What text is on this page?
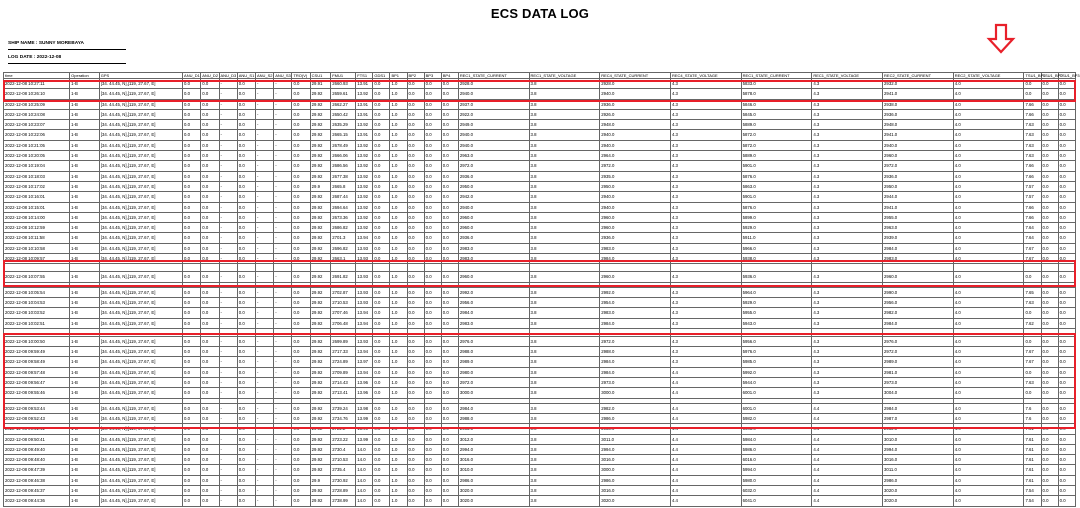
ECS DATA LOG
SHIP NAME : SUNNY MOREBAYA
LOG DATE : 2022-12-08
time	Operation	GPS	ANU_D1	ANU_D2	ANU_D3	ANU_S1	ANU_S2	ANU_S3	TRO(V)	CSU1	FMU1	FTS1	GDS1	BP1	BP2	BP3	BP4	REC1_STATE_CURRENT	REC1_STATE_VOLTAGE	REC4_STATE_CURRENT	REC4_STATE_VOLTAGE	REC1_STATE_CURRENT	REC1_STATE_VOLTAGE	REC2_STATE_CURRENT	REC2_STATE_VOLTAGE	TSU1_BP1	TSU1_BP2	TSU1_BP3
2022-12-08 10:27:11	1-B	[34. 44.45, N],[119, 27.67, E]	0.0	0.0	-	0.0	-	-	0.0	29.91	2660.93	13.91	0.0	1.0	0.0	0.0	0.0	2928.0	3.8	2928.0	4.3	5833.0	4.3	2932.0	4.0	0.0	0.0	0.0
2022-12-08 10:26:10	1-B	[34. 44.45, N],[119, 27.67, E]	0.0	0.0	-	0.0	-	-	0.0	29.92	2659.61	13.92	0.0	1.0	0.0	0.0	0.0	2940.0	3.8	2940.0	4.3	5878.0	4.3	2941.0	4.0	0.0	0.0	0.0
2022-12-08 10:25:09	1-B	[34. 44.45, N],[119, 27.67, E]	0.0	0.0	-	0.0	-	-	0.0	29.92	2662.27	13.91	0.0	1.0	0.0	0.0	0.0	2937.0	3.8	2936.0	4.3	5846.0	4.3	2938.0	4.0	7.66	0.0	0.0
2022-12-08 10:24:08	1-B	[34. 44.45, N],[119, 27.67, E]	0.0	0.0	-	0.0	-	-	0.0	29.92	2650.42	13.91	0.0	1.0	0.0	0.0	0.0	2922.0	3.8	2926.0	4.3	5845.0	4.3	2936.0	4.0	7.66	0.0	0.0
2022-12-08 10:23:07	1-B	[34. 44.45, N],[119, 27.67, E]	0.0	0.0	-	0.0	-	-	0.0	29.92	2635.29	13.92	0.0	1.0	0.0	0.0	0.0	2949.0	3.8	2948.0	4.3	5889.0	4.3	2948.0	4.0	7.63	0.0	0.0
2022-12-08 10:22:06	1-B	[34. 44.45, N],[119, 27.67, E]	0.0	0.0	-	0.0	-	-	0.0	29.92	2665.15	13.91	0.0	1.0	0.0	0.0	0.0	2940.0	3.8	2940.0	4.3	5872.0	4.3	2941.0	4.0	7.63	0.0	0.0
2022-12-08 10:21:05	1-B	[34. 44.45, N],[119, 27.67, E]	0.0	0.0	-	0.0	-	-	0.0	29.92	2678.49	13.92	0.0	1.0	0.0	0.0	0.0	2940.0	3.8	2940.0	4.3	5872.0	4.3	2940.0	4.0	7.63	0.0	0.0
2022-12-08 10:20:05	1-B	[34. 44.45, N],[119, 27.67, E]	0.0	0.0	-	0.0	-	-	0.0	29.92	2666.06	13.92	0.0	1.0	0.0	0.0	0.0	2963.0	3.8	2964.0	4.3	5889.0	4.3	2960.0	4.0	7.63	0.0	0.0
2022-12-08 10:19:04	1-B	[34. 44.45, N],[119, 27.67, E]	0.0	0.0	-	0.0	-	-	0.0	29.92	2686.56	13.92	0.0	1.0	0.0	0.0	0.0	2972.0	3.8	2972.0	4.3	5901.0	4.3	2972.0	4.0	7.66	0.0	0.0
2022-12-08 10:18:03	1-B	[34. 44.45, N],[119, 27.67, E]	0.0	0.0	-	0.0	-	-	0.0	29.92	2677.38	13.92	0.0	1.0	0.0	0.0	0.0	2936.0	3.8	2935.0	4.3	5876.0	4.3	2936.0	4.0	7.66	0.0	0.0
2022-12-08 10:17:02	1-B	[34. 44.45, N],[119, 27.67, E]	0.0	0.0	-	0.0	-	-	0.0	29.9	2665.8	13.92	0.0	1.0	0.0	0.0	0.0	2950.0	3.8	2950.0	4.3	5863.0	4.3	2950.0	4.0	7.57	0.0	0.0
2022-12-08 10:16:01	1-B	[34. 44.45, N],[119, 27.67, E]	0.0	0.0	-	0.0	-	-	0.0	29.92	2687.44	13.92	0.0	1.0	0.0	0.0	0.0	2942.0	3.8	2940.0	4.3	5901.0	4.3	2944.0	4.0	7.57	0.0	0.0
2022-12-08 10:15:01	1-B	[34. 44.45, N],[119, 27.67, E]	0.0	0.0	-	0.0	-	-	0.0	29.92	2694.64	13.92	0.0	1.0	0.0	0.0	0.0	2940.0	3.8	2940.0	4.3	5876.0	4.3	2941.0	4.0	7.66	0.0	0.0
2022-12-08 10:14:00	1-B	[34. 44.45, N],[119, 27.67, E]	0.0	0.0	-	0.0	-	-	0.0	29.92	2673.36	13.92	0.0	1.0	0.0	0.0	0.0	2960.0	3.8	2960.0	4.3	5899.0	4.3	2955.0	4.0	7.66	0.0	0.0
2022-12-08 10:12:59	1-B	[34. 44.45, N],[119, 27.67, E]	0.0	0.0	-	0.0	-	-	0.0	29.92	2686.82	13.92	0.0	1.0	0.0	0.0	0.0	2960.0	3.8	2960.0	4.3	5929.0	4.3	2963.0	4.0	7.64	0.0	0.0
2022-12-08 10:11:58	1-B	[34. 44.45, N],[119, 27.67, E]	0.0	0.0	-	0.0	-	-	0.0	29.92	2701.3	13.94	0.0	1.0	0.0	0.0	0.0	2936.0	3.8	2936.0	4.3	5911.0	4.3	2939.0	4.0	7.64	0.0	0.0
2022-12-08 10:10:58	1-B	[34. 44.45, N],[119, 27.67, E]	0.0	0.0	-	0.0	-	-	0.0	29.92	2696.82	13.93	0.0	1.0	0.0	0.0	0.0	2983.0	3.8	2983.0	4.3	5966.0	4.3	2984.0	4.0	7.67	0.0	0.0
2022-12-08 10:09:57	1-B	[34. 44.45, N],[119, 27.67, E]	0.0	0.0	-	0.0	-	-	0.0	29.92	2663.1	13.93	0.0	1.0	0.0	0.0	0.0	2983.0	3.8	2984.0	4.3	5938.0	4.3	2983.0	4.0	7.67	0.0	0.0

2022-12-08 10:07:55	1-B	[34. 44.45, N],[119, 27.67, E]	0.0	0.0	-	0.0	-	-	0.0	29.92	2691.82	13.93	0.0	1.0	0.0	0.0	0.0	2960.0	3.8	2960.0	4.3	5936.0	4.3	2960.0	4.0	0.0	0.0	0.0

2022-12-08 10:05:54	1-B	[34. 44.45, N],[119, 27.67, E]	0.0	0.0	-	0.0	-	-	0.0	29.92	2702.87	13.93	0.0	1.0	0.0	0.0	0.0	2992.0	3.8	2992.0	4.3	5964.0	4.3	2990.0	4.0	7.65	0.0	0.0
2022-12-08 10:04:53	1-B	[34. 44.45, N],[119, 27.67, E]	0.0	0.0	-	0.0	-	-	0.0	29.92	2710.53	13.93	0.0	1.0	0.0	0.0	0.0	2956.0	3.8	2954.0	4.3	5929.0	4.3	2956.0	4.0	7.63	0.0	0.0
2022-12-08 10:03:52	1-B	[34. 44.45, N],[119, 27.67, E]	0.0	0.0	-	0.0	-	-	0.0	29.92	2707.46	13.94	0.0	1.0	0.0	0.0	0.0	2984.0	3.8	2983.0	4.3	5955.0	4.3	2982.0	4.0	0.0	0.0	0.0
2022-12-08 10:02:51	1-B	[34. 44.45, N],[119, 27.67, E]	0.0	0.0	-	0.0	-	-	0.0	29.92	2706.48	13.94	0.0	1.0	0.0	0.0	0.0	2983.0	3.8	2984.0	4.3	5943.0	4.3	2984.0	4.0	7.62	0.0	0.0

2022-12-08 10:00:50	1-B	[34. 44.45, N],[119, 27.67, E]	0.0	0.0	-	0.0	-	-	0.0	29.92	2699.89	13.93	0.0	1.0	0.0	0.0	0.0	2976.0	3.8	2972.0	4.3	5956.0	4.3	2976.0	4.0	0.0	0.0	0.0
2022-12-08 09:59:49	1-B	[34. 44.45, N],[119, 27.67, E]	0.0	0.0	-	0.0	-	-	0.0	29.92	2717.33	13.94	0.0	1.0	0.0	0.0	0.0	2988.0	3.8	2988.0	4.3	5976.0	4.3	2972.0	4.0	7.67	0.0	0.0
2022-12-08 09:58:49	1-B	[34. 44.45, N],[119, 27.67, E]	0.0	0.0	-	0.0	-	-	0.0	29.92	2724.89	13.97	0.0	1.0	0.0	0.0	0.0	2989.0	3.8	2984.0	4.3	5985.0	4.3	2989.0	4.0	7.67	0.0	0.0
2022-12-08 09:57:48	1-B	[34. 44.45, N],[119, 27.67, E]	0.0	0.0	-	0.0	-	-	0.0	29.92	2709.89	13.94	0.0	1.0	0.0	0.0	0.0	2980.0	3.8	2984.0	4.4	5992.0	4.3	2981.0	4.0	0.0	0.0	0.0
2022-12-08 09:56:47	1-B	[34. 44.45, N],[119, 27.67, E]	0.0	0.0	-	0.0	-	-	0.0	29.92	2714.43	13.96	0.0	1.0	0.0	0.0	0.0	2972.0	3.8	2973.0	4.4	5944.0	4.3	2973.0	4.0	7.63	0.0	0.0
2022-12-08 09:55:46	1-B	[34. 44.45, N],[119, 27.67, E]	0.0	0.0	-	0.0	-	-	0.0	29.92	2713.41	13.96	0.0	1.0	0.0	0.0	0.0	3000.0	3.8	3000.0	4.4	6001.0	4.3	3004.0	4.0	0.0	0.0	0.0

2022-12-08 09:53:44	1-B	[34. 44.45, N],[119, 27.67, E]	0.0	0.0	-	0.0	-	-	0.0	29.92	2739.24	13.98	0.0	1.0	0.0	0.0	0.0	2984.0	3.8	2982.0	4.4	6001.0	4.4	2984.0	4.0	7.6	0.0	0.0
2022-12-08 09:52:43	1-B	[34. 44.45, N],[119, 27.67, E]	0.0	0.0	-	0.0	-	-	0.0	29.92	2734.76	13.99	0.0	1.0	0.0	0.0	0.0	2988.0	3.8	2986.0	4.4	5982.0	4.4	2987.0	4.0	7.6	0.0	0.0
2022-12-08 09:51:42	1-B	[34. 44.45, N],[119, 27.67, E]	0.0	0.0	-	0.0	-	-	0.0	29.92	2722.2	13.99	0.0	1.0	0.0	0.0	0.0	2983.0	3.8	2983.0	4.4	5985.0	4.4	2982.0	4.0	7.61	0.0	0.0
2022-12-08 09:50:41	1-B	[34. 44.45, N],[119, 27.67, E]	0.0	0.0	-	0.0	-	-	0.0	29.92	2723.22	13.99	0.0	1.0	0.0	0.0	0.0	3012.0	3.8	3011.0	4.4	5984.0	4.4	3010.0	4.0	7.61	0.0	0.0
2022-12-08 09:49:40	1-B	[34. 44.45, N],[119, 27.67, E]	0.0	0.0	-	0.0	-	-	0.0	29.92	2730.4	14.0	0.0	1.0	0.0	0.0	0.0	2994.0	3.8	2994.0	4.4	5986.0	4.4	2994.0	4.0	7.61	0.0	0.0
2022-12-08 09:48:40	1-B	[34. 44.45, N],[119, 27.67, E]	0.0	0.0	-	0.0	-	-	0.0	29.92	2710.53	14.0	0.0	1.0	0.0	0.0	0.0	3016.0	3.8	3016.0	4.4	6016.0	4.4	3016.0	4.0	7.61	0.0	0.0
2022-12-08 09:47:39	1-B	[34. 44.45, N],[119, 27.67, E]	0.0	0.0	-	0.0	-	-	0.0	29.92	2735.4	14.0	0.0	1.0	0.0	0.0	0.0	3010.0	3.8	3000.0	4.4	5994.0	4.4	3011.0	4.0	7.61	0.0	0.0
2022-12-08 09:46:38	1-B	[34. 44.45, N],[119, 27.67, E]	0.0	0.0	-	0.0	-	-	0.0	29.9	2730.92	14.0	0.0	1.0	0.0	0.0	0.0	2986.0	3.8	2986.0	4.4	5980.0	4.4	2986.0	4.0	7.61	0.0	0.0
2022-12-08 09:45:37	1-B	[34. 44.45, N],[119, 27.67, E]	0.0	0.0	-	0.0	-	-	0.0	29.92	2728.89	14.0	0.0	1.0	0.0	0.0	0.0	3020.0	3.8	3016.0	4.4	6032.0	4.4	3020.0	4.0	7.54	0.0	0.0
2022-12-08 09:44:36	1-B	[34. 44.45, N],[119, 27.67, E]	0.0	0.0	-	0.0	-	-	0.0	29.92	2738.99	14.0	0.0	1.0	0.0	0.0	0.0	3020.0	3.8	3020.0	4.4	6041.0	4.4	3020.0	4.0	7.54	0.0	0.0
